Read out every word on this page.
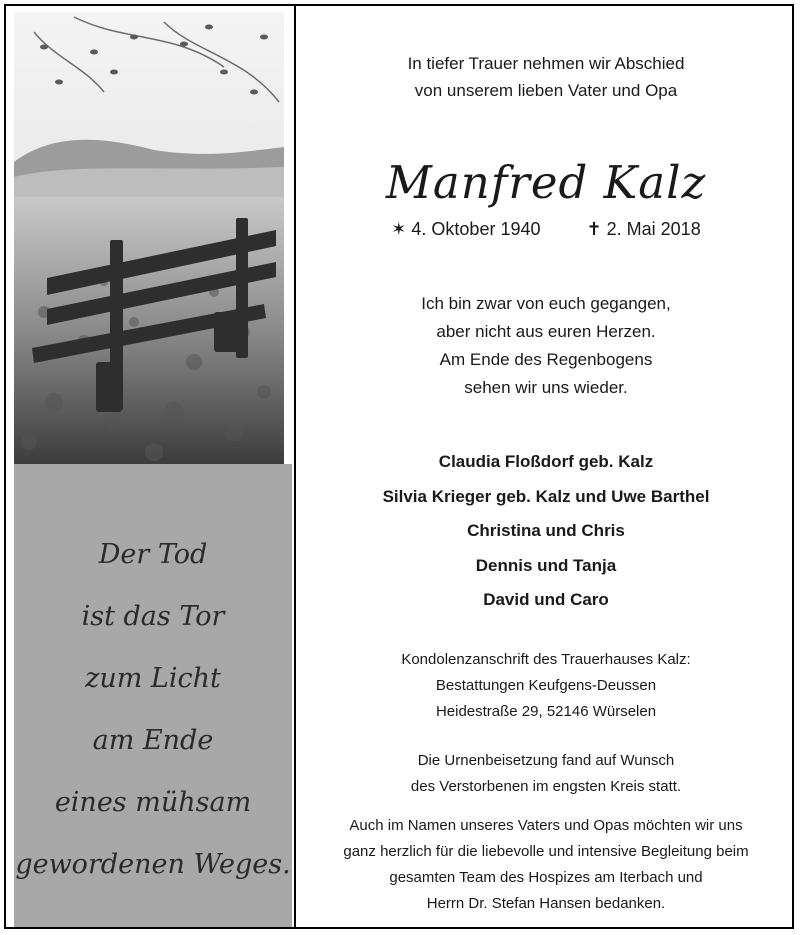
Der Tod
ist das Tor
zum Licht
am Ende
eines mühsam
gewordenen Weges.
In tiefer Trauer nehmen wir Abschied
von unserem lieben Vater und Opa
Manfred Kalz
✶ 4. Oktober 1940	✝ 2. Mai 2018
Ich bin zwar von euch gegangen,
aber nicht aus euren Herzen.
Am Ende des Regenbogens
sehen wir uns wieder.
Claudia Floßdorf geb. Kalz
Silvia Krieger geb. Kalz und Uwe Barthel
Christina und Chris
Dennis und Tanja
David und Caro
Kondolenzanschrift des Trauerhauses Kalz:
Bestattungen Keufgens-Deussen
Heidestraße 29, 52146 Würselen
Die Urnenbeisetzung fand auf Wunsch
des Verstorbenen im engsten Kreis statt.
Auch im Namen unseres Vaters und Opas möchten wir uns
ganz herzlich für die liebevolle und intensive Begleitung beim
gesamten Team des Hospizes am Iterbach und
Herrn Dr. Stefan Hansen bedanken.
